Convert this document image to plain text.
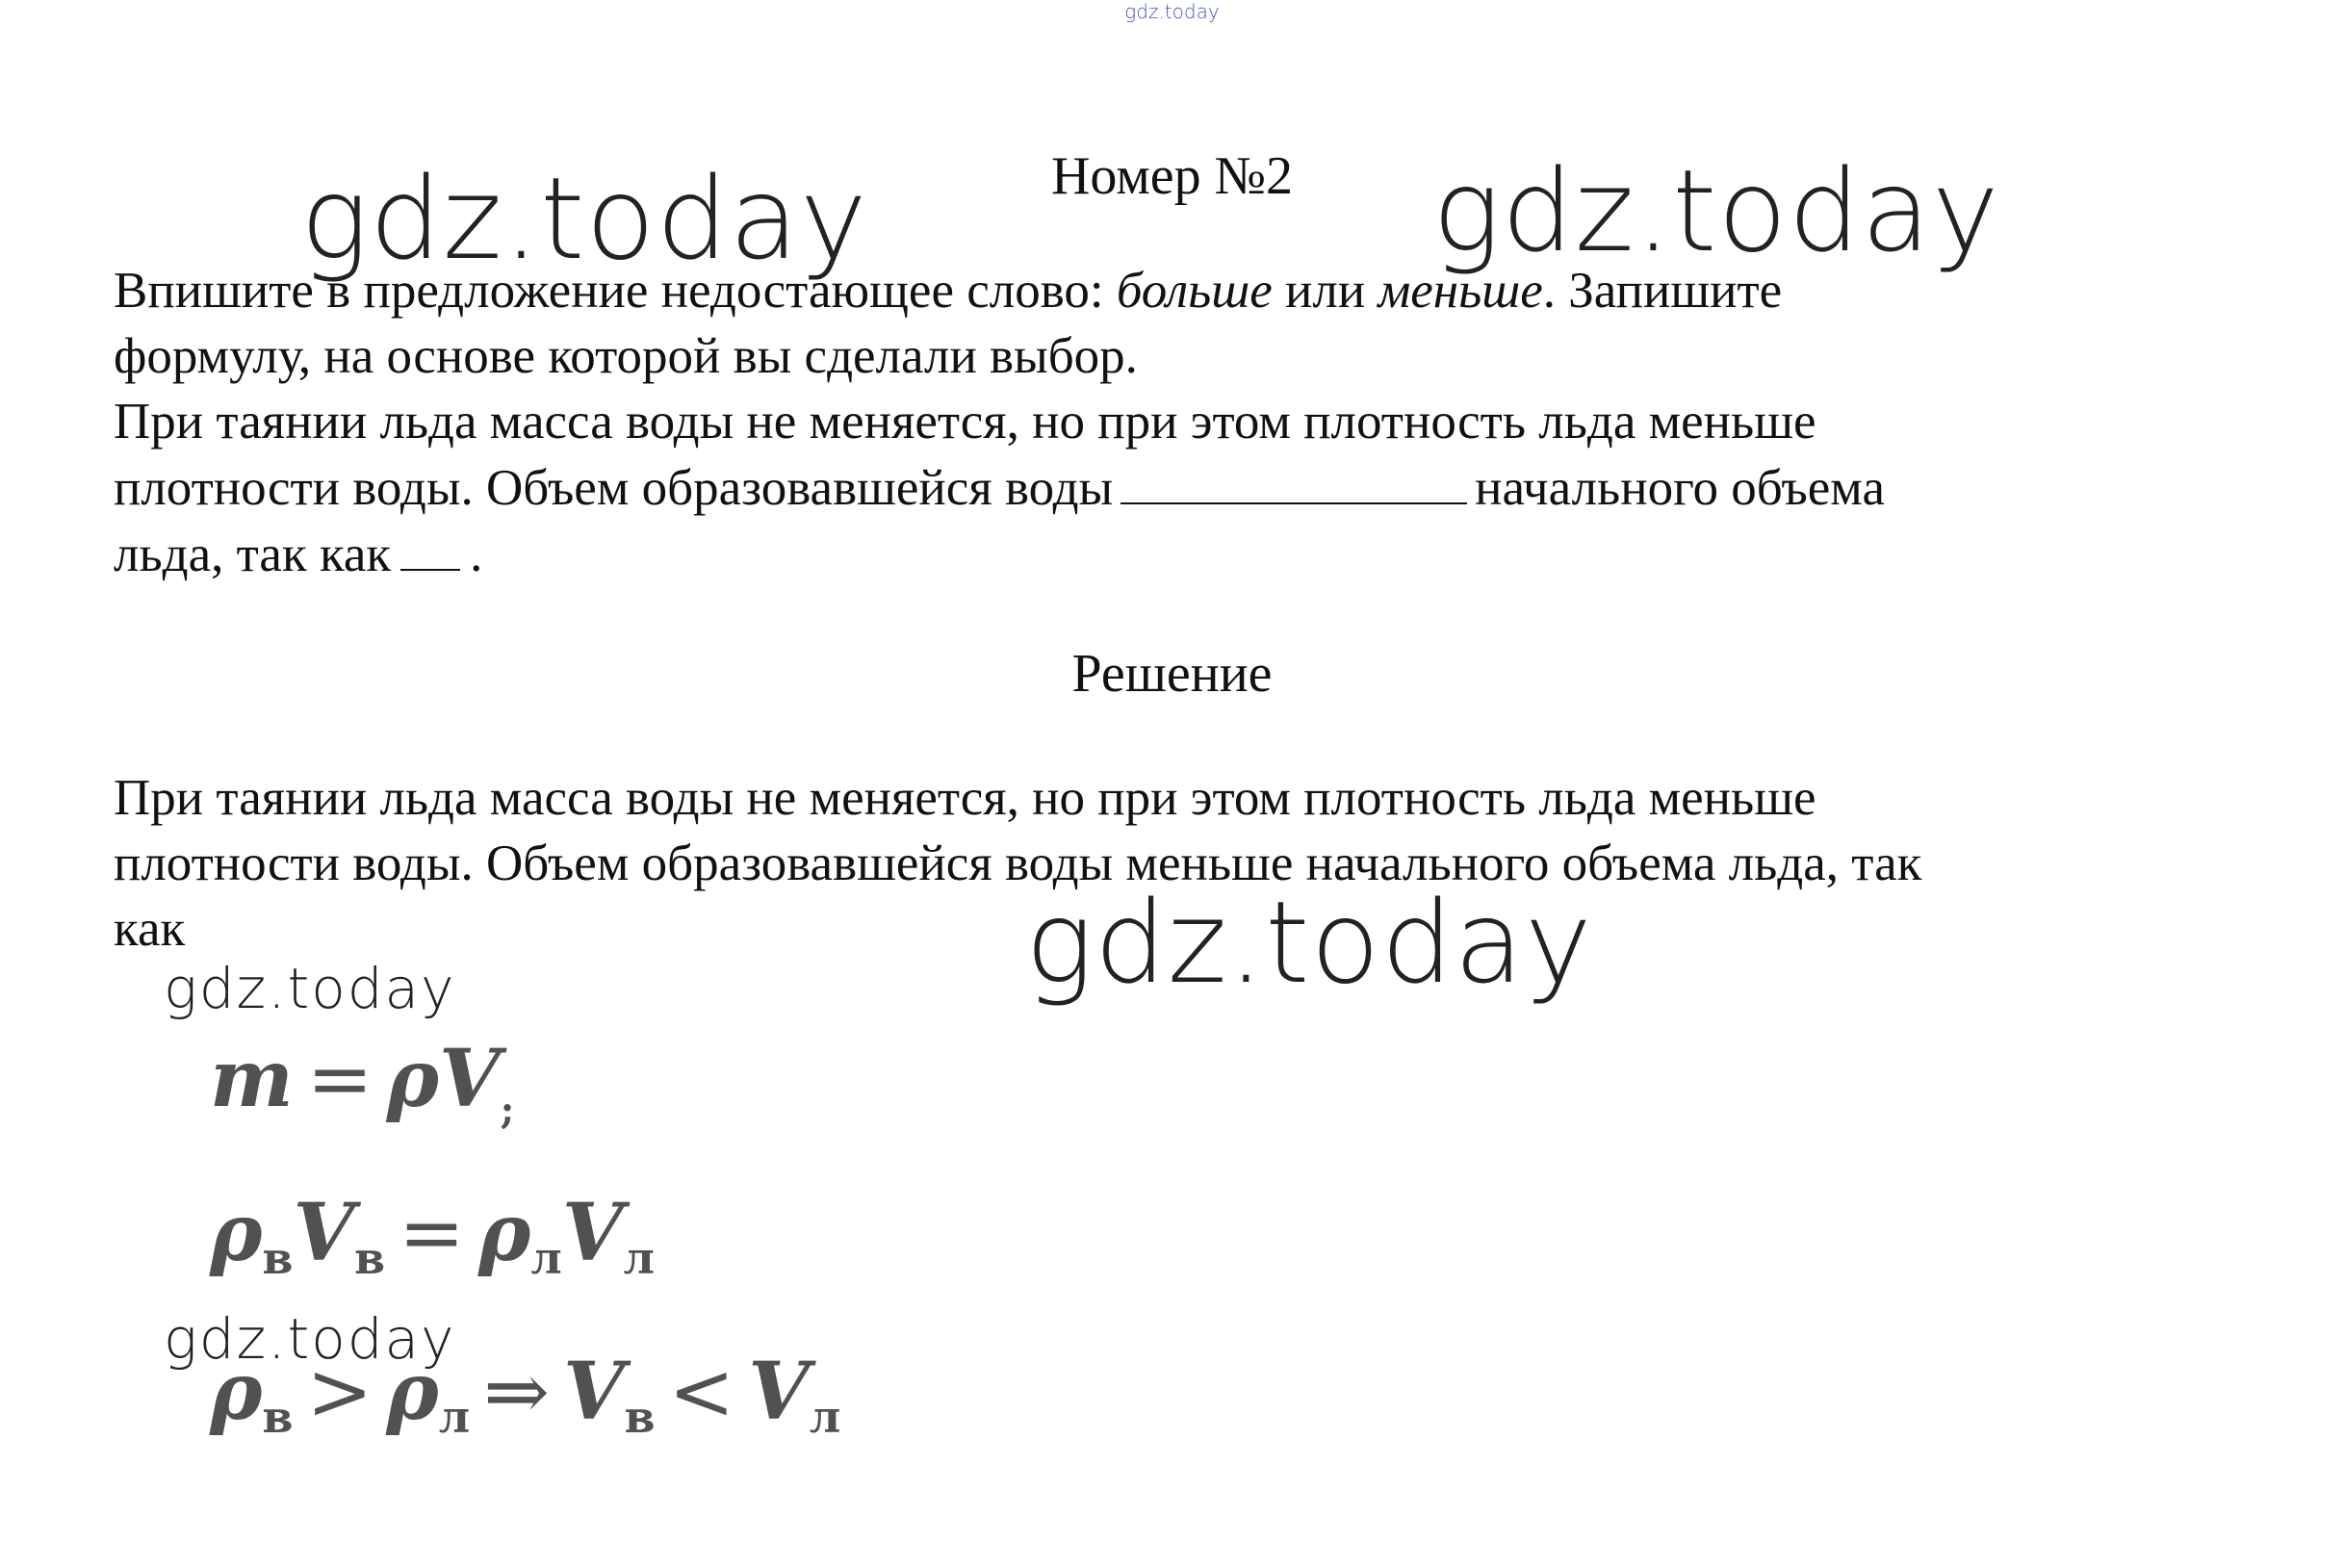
gdz.today
gdz.today	gdz.today
Номер №2
Впишите в предложение недостающее слово: больше или меньше. Запишите
формулу, на основе которой вы сделали выбор.
При таянии льда масса воды не меняется, но при этом плотность льда меньше
плотности воды. Объем образовавшейся воды	начального объема
льда, так как .
Решение
При таянии льда масса воды не меняется, но при этом плотность льда меньше
плотности воды. Объем образовавшейся воды меньше начального объема льда, так
как	gdz.today
gdz.today
$m = \rho V_;$
$\rho_вV_в = \rho_лV_л$
gdz.today
$\rho_в > \rho_л$ ⇒ $V_в < V_л$
